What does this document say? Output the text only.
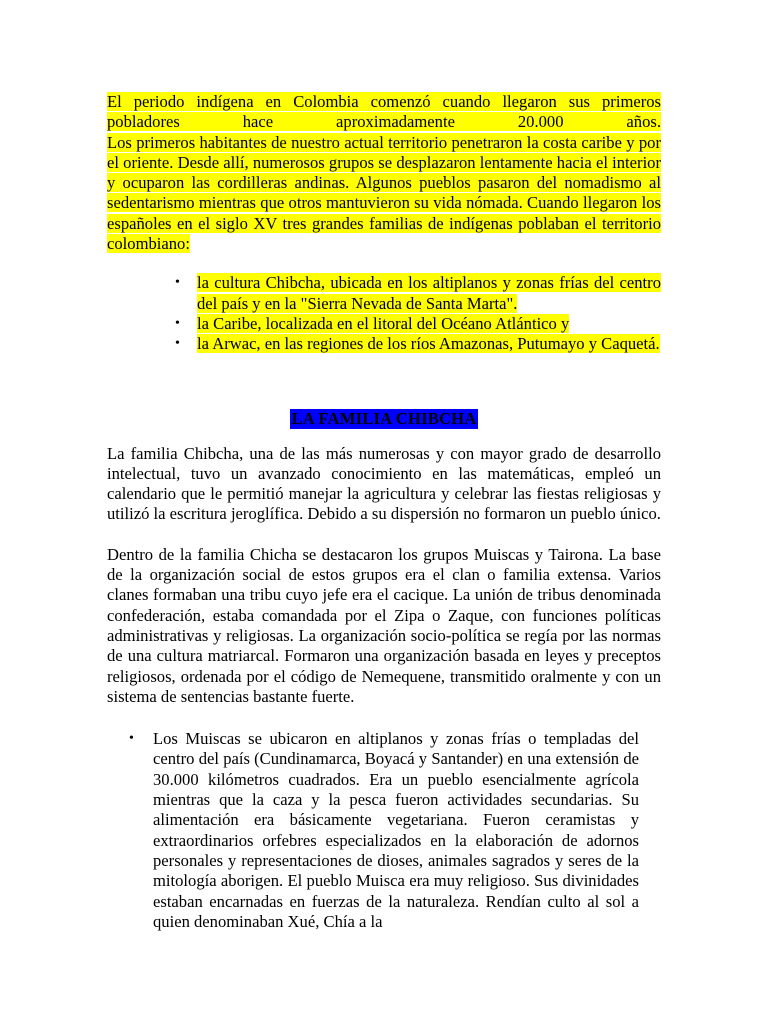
El periodo indígena en Colombia comenzó cuando llegaron sus primeros

pobladores hace aproximadamente 20.000 años.

Los primeros habitantes de nuestro actual territorio penetraron la costa caribe y por el oriente. Desde allí, numerosos grupos se desplazaron lentamente hacia el interior y ocuparon las cordilleras andinas. Algunos pueblos pasaron del nomadismo al sedentarismo mientras que otros mantuvieron su vida nómada. Cuando llegaron los españoles en el siglo XV tres grandes familias de indígenas poblaban el territorio colombiano:

• la cultura Chibcha, ubicada en los altiplanos y zonas frías del centro del país y en la "Sierra Nevada de Santa Marta".
• la Caribe, localizada en el litoral del Océano Atlántico y
• la Arwac, en las regiones de los ríos Amazonas, Putumayo y Caquetá.
LA FAMILIA CHIBCHA

La familia Chibcha, una de las más numerosas y con mayor grado de desarrollo intelectual, tuvo un avanzado conocimiento en las matemáticas, empleó un calendario que le permitió manejar la agricultura y celebrar las fiestas religiosas y utilizó la escritura jeroglífica. Debido a su dispersión no formaron un pueblo único.

Dentro de la familia Chicha se destacaron los grupos Muiscas y Tairona. La base de la organización social de estos grupos era el clan o familia extensa. Varios clanes formaban una tribu cuyo jefe era el cacique. La unión de tribus denominada confederación, estaba comandada por el Zipa o Zaque, con funciones políticas administrativas y religiosas. La organización socio-política se regía por las normas de una cultura matriarcal. Formaron una organización basada en leyes y preceptos religiosos, ordenada por el código de Nemequene, transmitido oralmente y con un sistema de sentencias bastante fuerte.

• Los Muiscas se ubicaron en altiplanos y zonas frías o templadas del centro del país (Cundinamarca, Boyacá y Santander) en una extensión de 30.000 kilómetros cuadrados. Era un pueblo esencialmente agrícola mientras que la caza y la pesca fueron actividades secundarias. Su alimentación era básicamente vegetariana. Fueron ceramistas y extraordinarios orfebres especializados en la elaboración de adornos personales y representaciones de dioses, animales sagrados y seres de la mitología aborigen. El pueblo Muisca era muy religioso. Sus divinidades estaban encarnadas en fuerzas de la naturaleza. Rendían culto al sol a quien denominaban Xué, Chía a la
